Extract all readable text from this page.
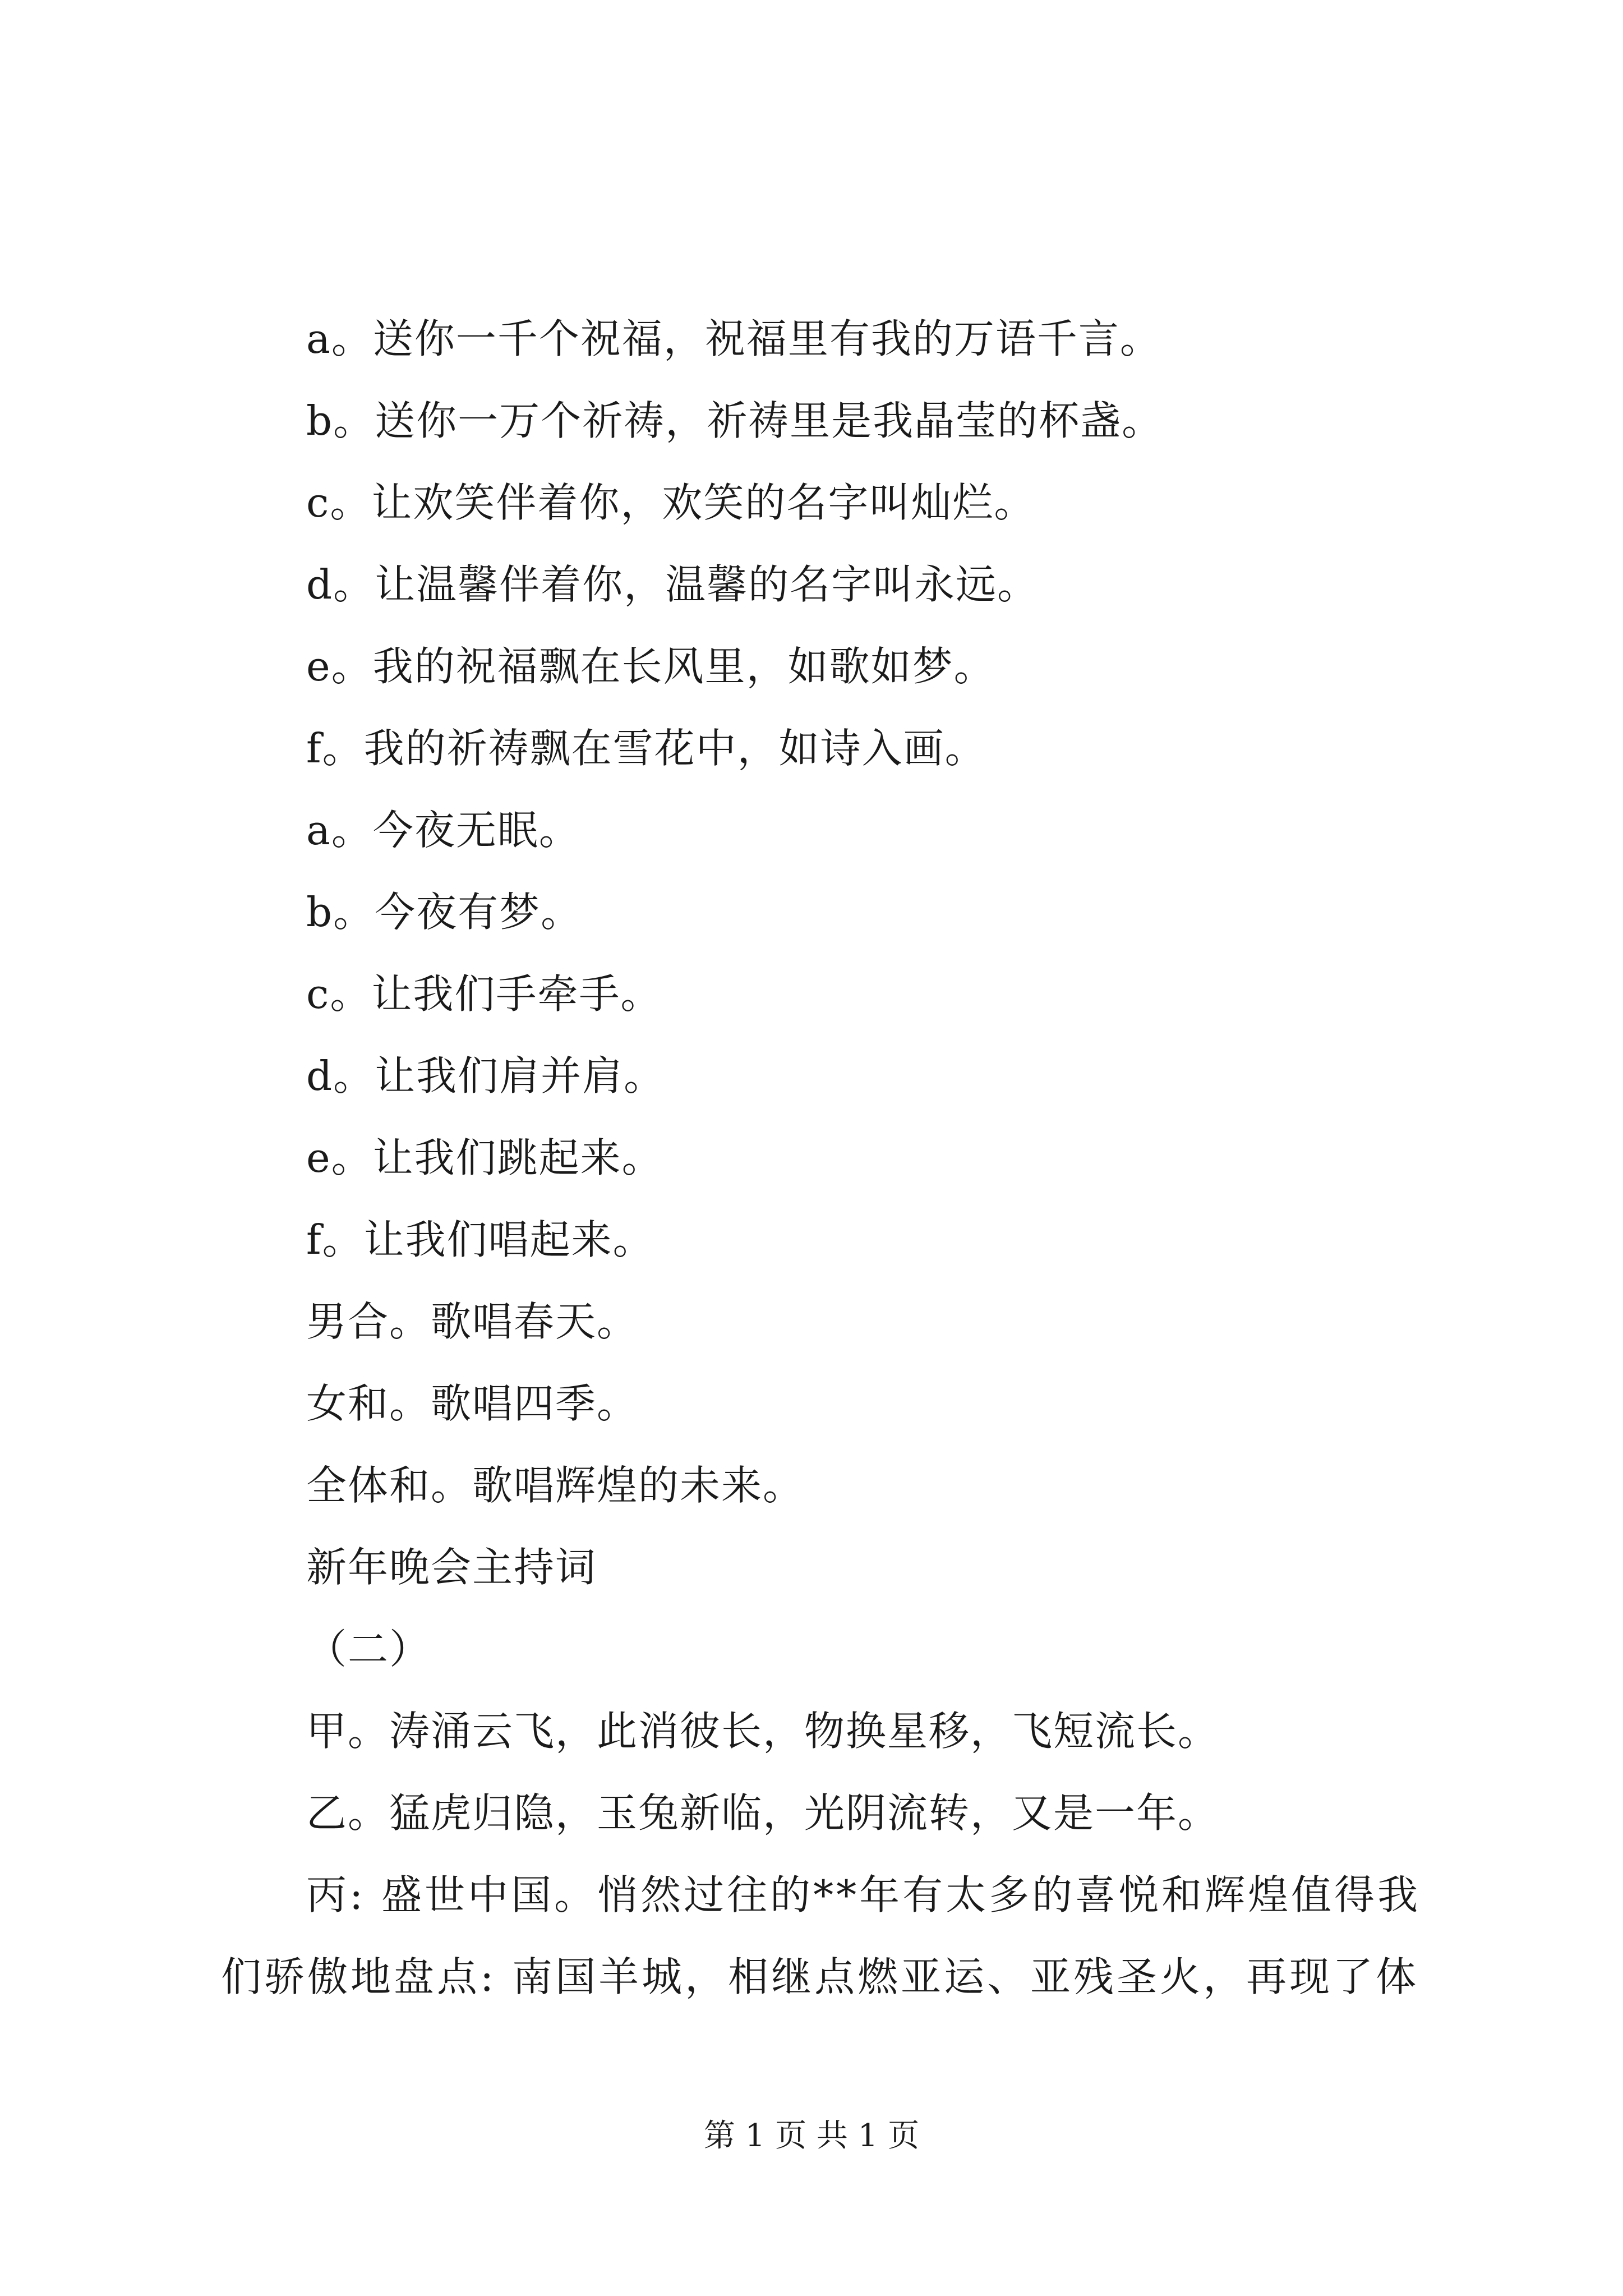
a。送你一千个祝福，祝福里有我的万语千言。
b。送你一万个祈祷，祈祷里是我晶莹的杯盏。
c。让欢笑伴着你，欢笑的名字叫灿烂。
d。让温馨伴着你，温馨的名字叫永远。
e。我的祝福飘在长风里，如歌如梦。
f。我的祈祷飘在雪花中，如诗入画。
a。今夜无眠。
b。今夜有梦。
c。让我们手牵手。
d。让我们肩并肩。
e。让我们跳起来。
f。让我们唱起来。
男合。歌唱春天。
女和。歌唱四季。
全体和。歌唱辉煌的未来。
新年晚会主持词
（二）
甲。涛涌云飞，此消彼长，物换星移，飞短流长。
乙。猛虎归隐，玉兔新临，光阴流转，又是一年。
丙: 盛世中国。悄然过往的**年有太多的喜悦和辉煌值得我
们骄傲地盘点: 南国羊城，相继点燃亚运、亚残圣火，再现了体
第 1 页 共 1 页
